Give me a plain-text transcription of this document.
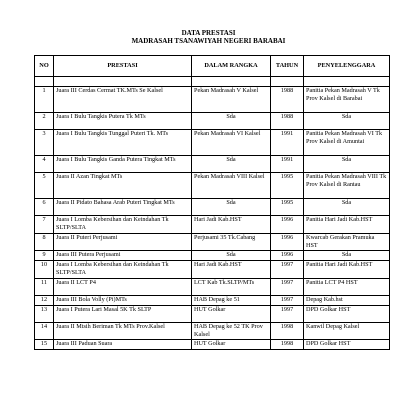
DATA PRESTASI
MADRASAH TSANAWIYAH NEGERI BARABAI
NO	PRESTASI	DALAM RANGKA	TAHUN	PENYELENGGARA

1	Juara III Cerdas Cermat TK.MTs Se Kalsel	Pekan Madrasah V Kalsel	1988	Panitia Pekan Madrasah V Tk Prov Kalsel di Barabai
2	Juara I Bulu Tangkis Putera Tk MTs	Sda	1988	Sda
3	Juara I Bulu Tangkis Tunggal Puteri Tk. MTs	Pekan Madrasah VI Kalsel	1991	Panitia Pekan Madrasah VI Tk Prov Kalsel di Amuntai
4	Juara I Bulu Tangkis Ganda Putera Tingkat MTs	Sda	1991	Sda
5	Juara II Azan Tingkat MTs	Pekan Madrasah VIII Kalsel	1995	Panitia Pekan Madrasah VIII Tk Prov Kalsel di Rantau
6	Juara II Pidato Bahasa Arab Puteri Tingkat MTs	Sda	1995	Sda
7	Juara I Lomba Kebersihan dan Keindahan Tk SLTP/SLTA	Hari Jadi Kab.HST	1996	Panitia Hari Jadi Kab.HST
8	Juara II Puteri Perjusami	Perjusami 35 Tk.Cabang	1996	Kwarcab Gerakan Pramuka HST
9	Juara III Putera Perjusami	Sda	1996	Sda
10	Juara I Lomba Kebersihan dan Keindahan Tk SLTP/SLTA	Hari Jadi Kab.HST	1997	Panitia Hari Jadi Kab.HST
11	Juara II LCT P4	LCT Kab Tk.SLTP/MTs	1997	Panitia LCT P4 HST
12	Juara III Bola Volly (Pi)MTs	HAB Depag ke 51	1997	Depag Kab.hst
13	Juara I Putera Lari Masal 5K Tk SLTP	HUT Golkar	1997	DPD Golkar HST
14	Juara II Mtsih Beriman Tk MTs Prov.Kalsel	HAB Depag ke 52 TK Prov Kalsel	1998	Kanwil Depag Kalsel
15	Juara III Paduan Suara	HUT Golkar	1998	DPD Golkar HST
